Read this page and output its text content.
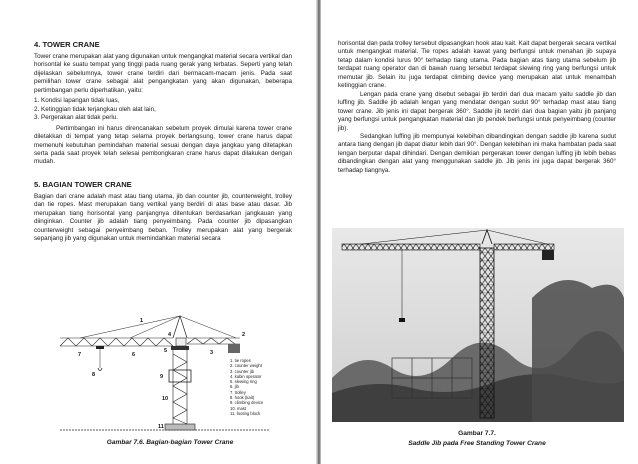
4. TOWER CRANE

Tower crane merupakan alat yang digunakan untuk mengangkat material secara vertikal dan horisontal ke suatu tempat yang tinggi pada ruang gerak yang terbatas. Seperti yang telah dijelaskan sebelumnya, tower crane terdiri dari bermacam-macam jenis. Pada saat pemilihan tower crane sebagai alat pengangkatan yang akan digunakan, beberapa pertimbangan perlu diperhatikan, yaitu:

1. Kondisi lapangan tidak luas,
2. Ketinggian tidak terjangkau oleh alat lain,
3. Pergerakan alat tidak perlu.

Pertimbangan ini harus direncanakan sebelum proyek dimulai karena tower crane diletakkan di tempat yang tetap selama proyek berlangsung, tower crane harus dapat memenuhi kebutuhan pemindahan material sesuai dengan daya jangkau yang ditetapkan serta pada saat proyek telah selesai pembongkaran crane harus dapat dilakukan dengan mudah.

5. BAGIAN TOWER CRANE

Bagian dari crane adalah mast atau tiang utama, jib dan counter jib, counterweight, trolley dan tie ropes. Mast merupakan tiang vertikal yang berdiri di atas base atau dasar. Jib merupakan tiang horisontal yang panjangnya ditentukan berdasarkan jangkauan yang diinginkan. Counter jib adalah tiang penyeimbang. Pada counter jib dipasangkan counterweight sebagai penyeimbang beban. Trolley merupakan alat yang bergerak sepanjang jib yang digunakan untuk memindahkan material secara

1
2
3
4
5
6
7
8	9
10
11
1. tie ropes
2. counter weight
3. counter jib
4. kabin operator
5. slewing ring
6. jib
7. trolley
8. hook (kait)
9. climbing device
10. mast
11. footing block
Gambar 7.6. Bagian-bagian Tower Crane

horisontal dan pada trolley tersebut dipasangkan hook atau kait. Kait dapat bergerak secara vertikal untuk mengangkat material. Tie ropes adalah kawat yang berfungsi untuk menahan jib supaya tetap dalam kondisi lurus 90° terhadap tiang utama. Pada bagian atas tiang utama sebelum jib terdapat ruang operator dan di bawah ruang tersebut terdapat slewing ring yang berfungsi untuk memutar jib. Selain itu juga terdapat climbing device yang merupakan alat untuk menambah ketinggian crane.

Lengan pada crane yang disebut sebagai jib terdiri dari dua macam yaitu saddle jib dan luffing jib. Saddle jib adalah lengan yang mendatar dengan sudut 90° terhadap mast atau tiang tower crane. Jib jenis ini dapat bergerak 360°. Saddle jib terdiri dari dua bagian yaitu jib panjang yang berfungsi untuk pengangkatan material dan jib pendek berfungsi untuk penyeimbang (counter jib).

Sedangkan luffing jib mempunyai kelebihan dibandingkan dengan saddle jib karena sudut antara tiang dengan jib dapat diatur lebih dari 90°. Dengan kelebihan ini maka hambatan pada saat lengan berputar dapat dihindari. Dengan demikian pergerakan tower dengan luffing jib lebih bebas dibandingkan dengan alat yang menggunakan saddle jib. Jib jenis ini juga dapat bergerak 360° terhadap tiangnya.

Gambar 7.7.
Saddle Jib pada Free Standing Tower Crane
